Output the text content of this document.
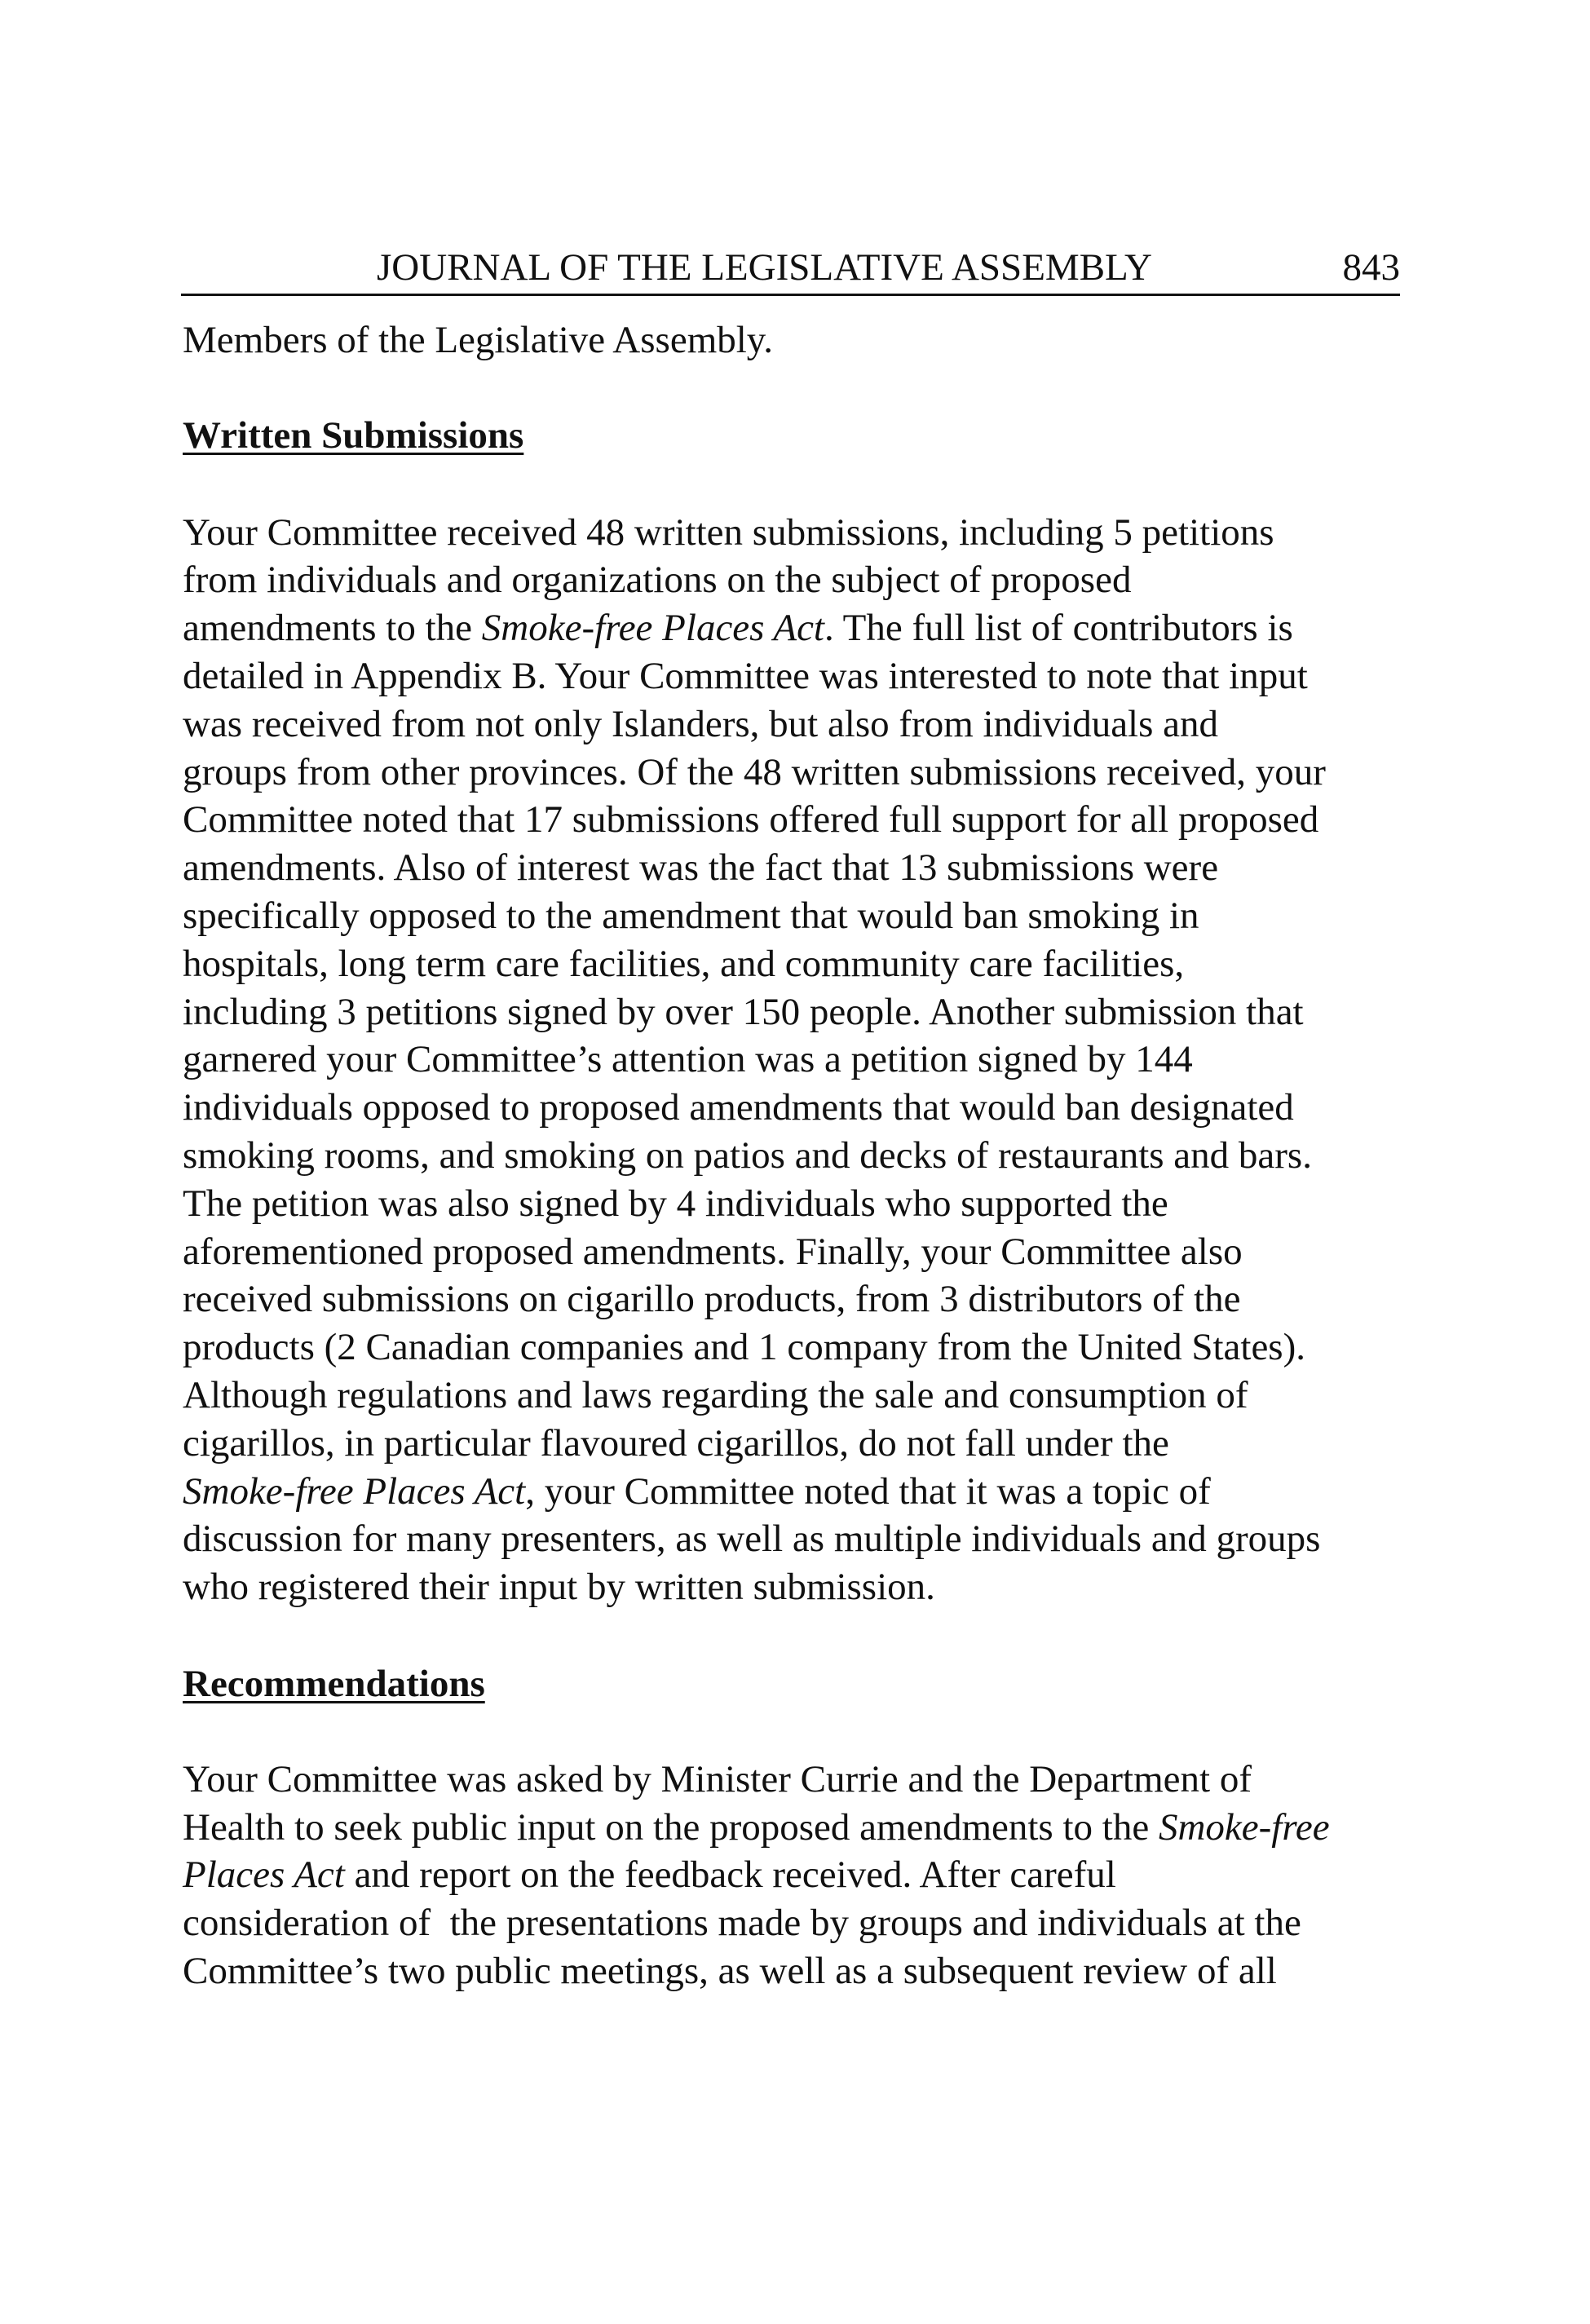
JOURNAL OF THE LEGISLATIVE ASSEMBLY	843

Members of the Legislative Assembly.

Written Submissions

Your Committee received 48 written submissions, including 5 petitions
from individuals and organizations on the subject of proposed
amendments to the Smoke-free Places Act. The full list of contributors is
detailed in Appendix B. Your Committee was interested to note that input
was received from not only Islanders, but also from individuals and
groups from other provinces. Of the 48 written submissions received, your
Committee noted that 17 submissions offered full support for all proposed
amendments. Also of interest was the fact that 13 submissions were
specifically opposed to the amendment that would ban smoking in
hospitals, long term care facilities, and community care facilities,
including 3 petitions signed by over 150 people. Another submission that
garnered your Committee’s attention was a petition signed by 144
individuals opposed to proposed amendments that would ban designated
smoking rooms, and smoking on patios and decks of restaurants and bars.
The petition was also signed by 4 individuals who supported the
aforementioned proposed amendments. Finally, your Committee also
received submissions on cigarillo products, from 3 distributors of the
products (2 Canadian companies and 1 company from the United States).
Although regulations and laws regarding the sale and consumption of
cigarillos, in particular flavoured cigarillos, do not fall under the
Smoke-free Places Act, your Committee noted that it was a topic of
discussion for many presenters, as well as multiple individuals and groups
who registered their input by written submission.

Recommendations

Your Committee was asked by Minister Currie and the Department of
Health to seek public input on the proposed amendments to the Smoke-free
Places Act and report on the feedback received. After careful
consideration of  the presentations made by groups and individuals at the
Committee’s two public meetings, as well as a subsequent review of all
